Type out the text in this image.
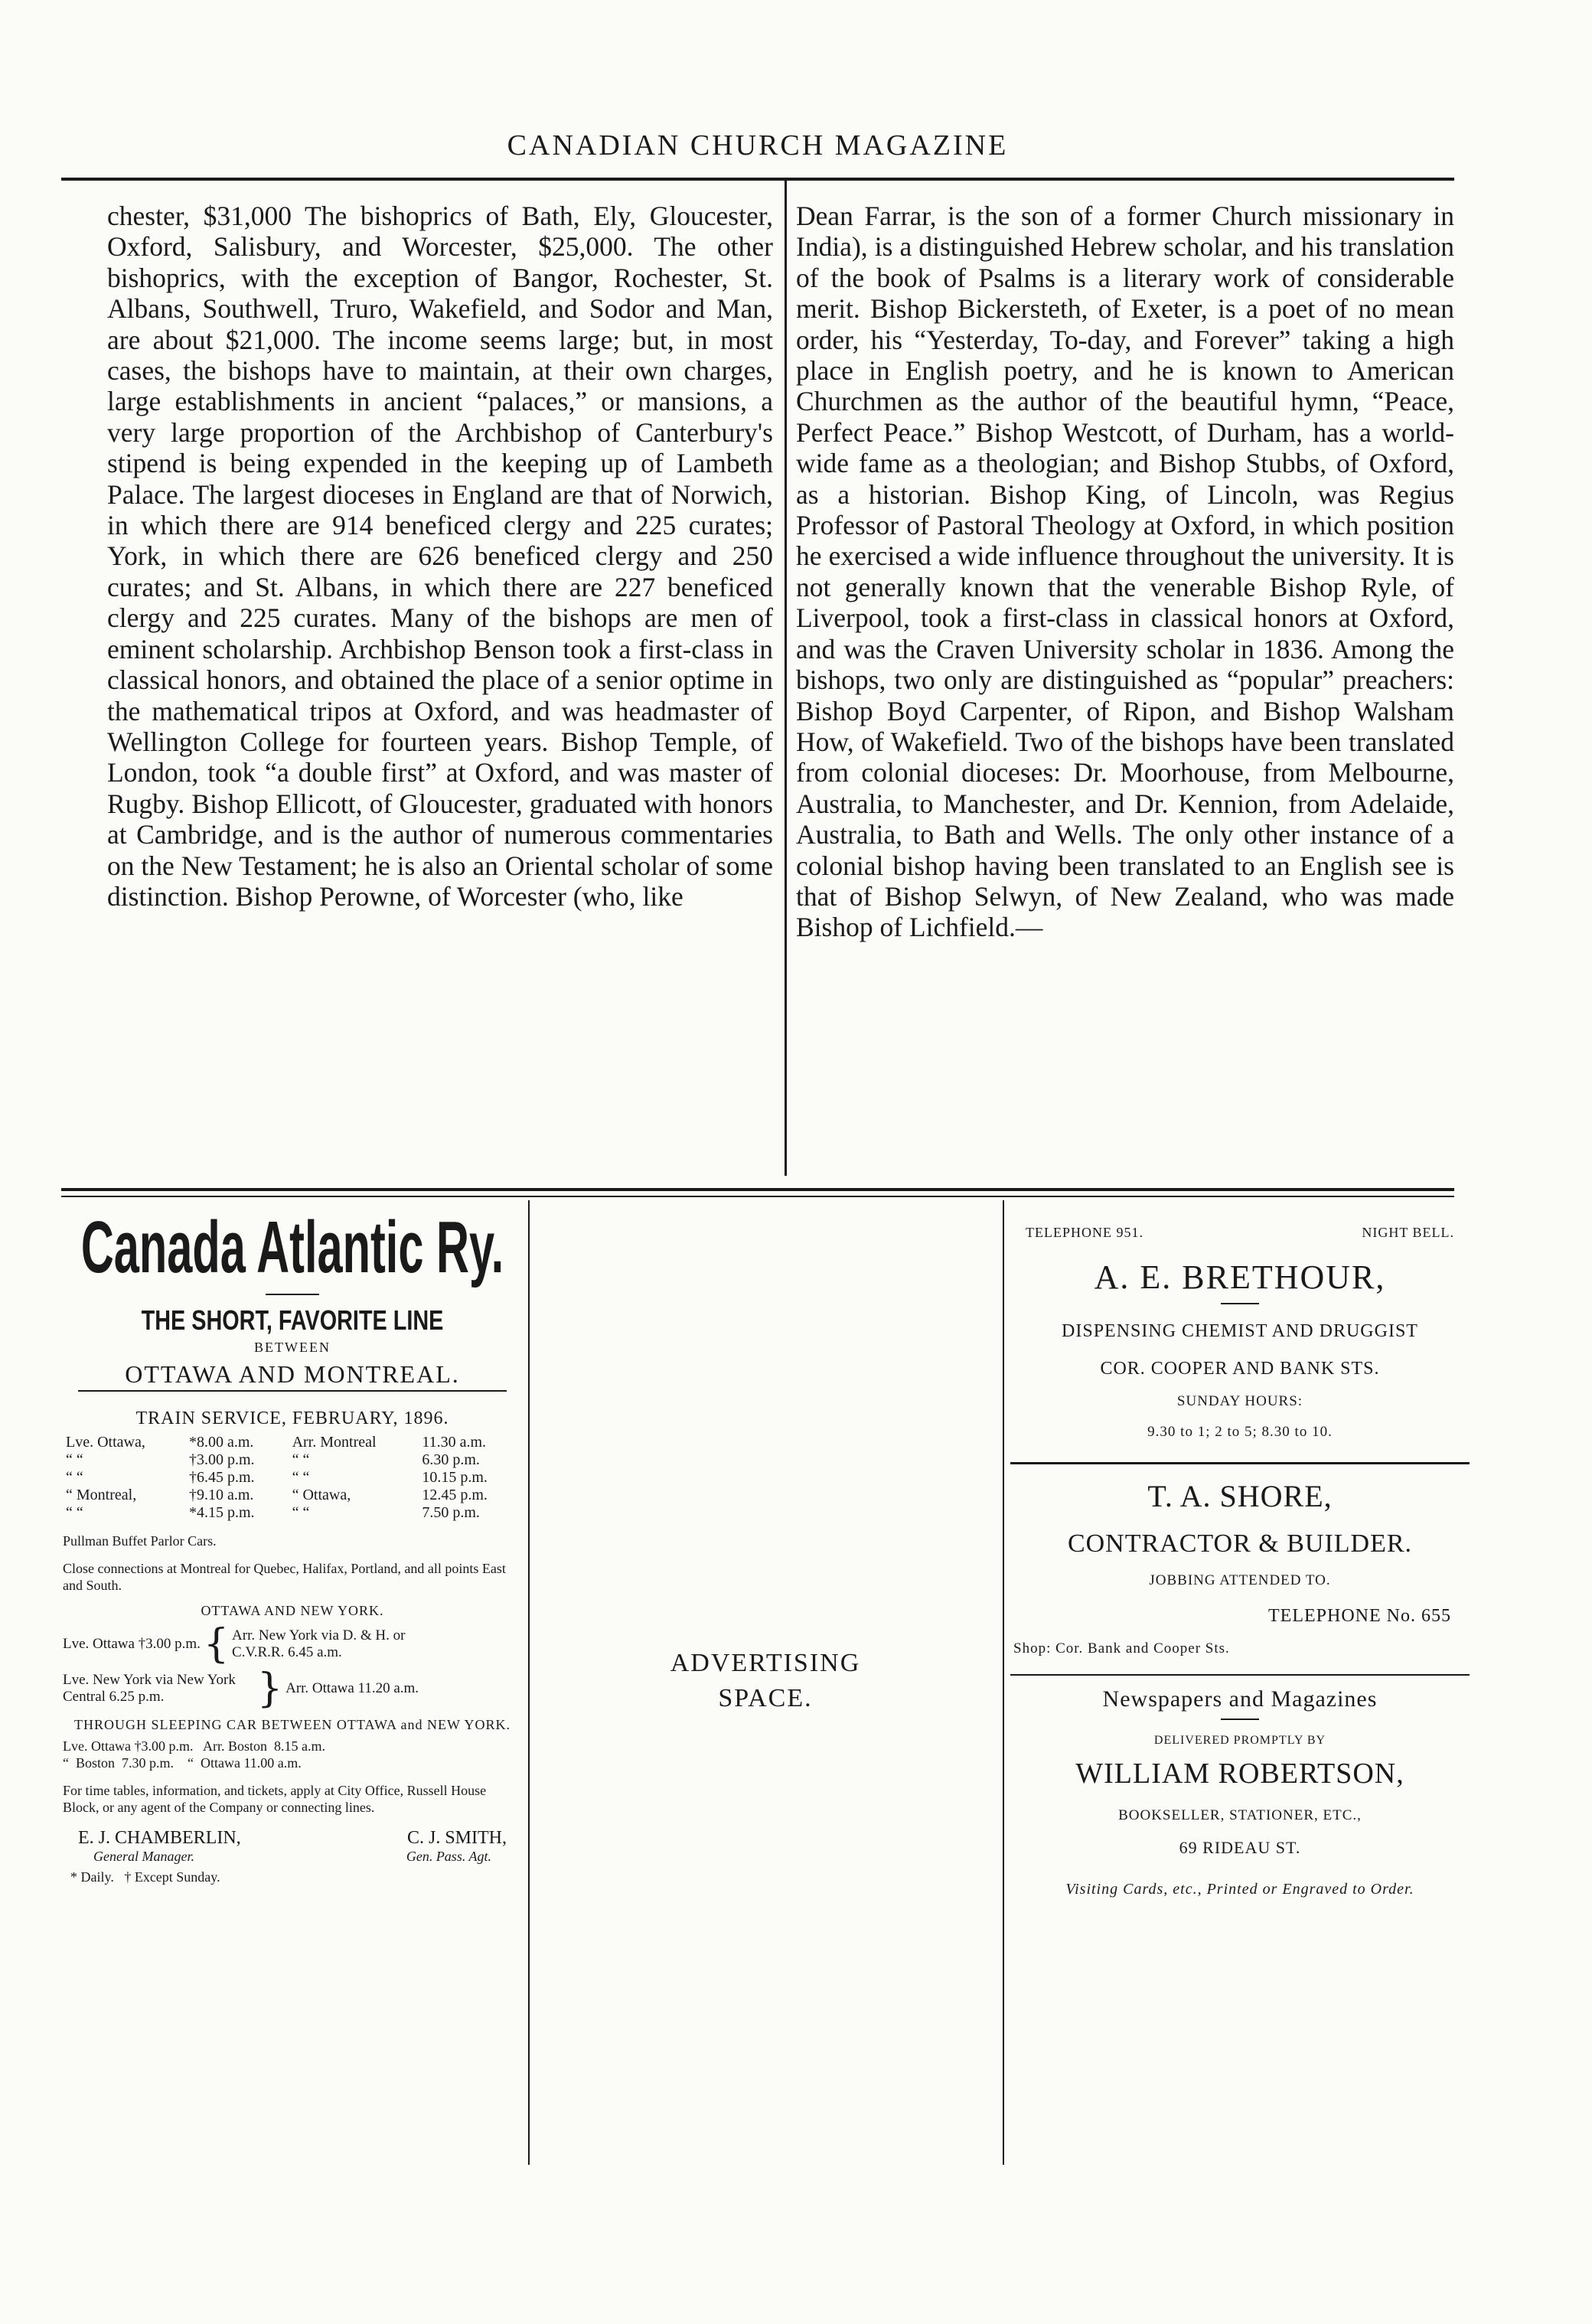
CANADIAN CHURCH MAGAZINE

chester, $31,000 The bishoprics of Bath, Ely, Gloucester, Oxford, Salisbury, and Worcester, $25,000. The other bishoprics, with the exception of Bangor, Rochester, St. Albans, Southwell, Truro, Wakefield, and Sodor and Man, are about $21,000. The income seems large; but, in most cases, the bishops have to maintain, at their own charges, large establishments in ancient “palaces,” or mansions, a very large proportion of the Archbishop of Canterbury's stipend is being expended in the keeping up of Lambeth Palace. The largest dioceses in England are that of Norwich, in which there are 914 beneficed clergy and 225 curates; York, in which there are 626 beneficed clergy and 250 curates; and St. Albans, in which there are 227 beneficed clergy and 225 curates. Many of the bishops are men of eminent scholarship. Archbishop Benson took a first-class in classical honors, and obtained the place of a senior optime in the mathematical tripos at Oxford, and was headmaster of Wellington College for fourteen years. Bishop Temple, of London, took “a double first” at Oxford, and was master of Rugby. Bishop Ellicott, of Gloucester, graduated with honors at Cambridge, and is the author of numerous commentaries on the New Testament; he is also an Oriental scholar of some distinction. Bishop Perowne, of Worcester (who, like

Dean Farrar, is the son of a former Church missionary in India), is a distinguished Hebrew scholar, and his translation of the book of Psalms is a literary work of considerable merit. Bishop Bickersteth, of Exeter, is a poet of no mean order, his “Yesterday, To-day, and Forever” taking a high place in English poetry, and he is known to American Churchmen as the author of the beautiful hymn, “Peace, Perfect Peace.” Bishop Westcott, of Durham, has a world-wide fame as a theologian; and Bishop Stubbs, of Oxford, as a historian. Bishop King, of Lincoln, was Regius Professor of Pastoral Theology at Oxford, in which position he exercised a wide influence throughout the university. It is not generally known that the venerable Bishop Ryle, of Liverpool, took a first-class in classical honors at Oxford, and was the Craven University scholar in 1836. Among the bishops, two only are distinguished as “popular” preachers: Bishop Boyd Carpenter, of Ripon, and Bishop Walsham How, of Wakefield. Two of the bishops have been translated from colonial dioceses: Dr. Moorhouse, from Melbourne, Australia, to Manchester, and Dr. Kennion, from Adelaide, Australia, to Bath and Wells. The only other instance of a colonial bishop having been translated to an English see is that of Bishop Selwyn, of New Zealand, who was made Bishop of Lichfield.—

Canada Atlantic Ry.
THE SHORT, FAVORITE LINE
BETWEEN
OTTAWA AND MONTREAL.
TRAIN SERVICE, FEBRUARY, 1896.
Lve. Ottawa,	*8.00 a.m.	Arr. Montreal	11.30 a.m.
“ “	†3.00 p.m.	“ “	6.30 p.m.
“ “	†6.45 p.m.	“ “	10.15 p.m.
“ Montreal,	†9.10 a.m.	“ Ottawa,	12.45 p.m.
“ “	*4.15 p.m.	“ “	7.50 p.m.
Pullman Buffet Parlor Cars.
Close connections at Montreal for Quebec, Halifax, Portland, and all points East and South.
OTTAWA AND NEW YORK.
Lve. Ottawa †3.00 p.m. { Arr. New York via D. & H. or C.V.R.R. 6.45 a.m.
Lve. New York via New York Central 6.25 p.m.	} Arr. Ottawa 11.20 a.m.
THROUGH SLEEPING CAR BETWEEN OTTAWA and NEW YORK.
Lve. Ottawa †3.00 p.m.   Arr. Boston  8.15 a.m.
“  Boston  7.30 p.m.    “  Ottawa 11.00 a.m.
For time tables, information, and tickets, apply at City Office, Russell House Block, or any agent of the Company or connecting lines.
E. J. CHAMBERLIN,	C. J. SMITH,
General Manager.	Gen. Pass. Agt.
* Daily.   † Except Sunday.
ADVERTISING
SPACE.
TELEPHONE 951.	NIGHT BELL.
A. E. BRETHOUR,
DISPENSING CHEMIST AND DRUGGIST
COR. COOPER AND BANK STS.
SUNDAY HOURS:
9.30 to 1; 2 to 5; 8.30 to 10.
T. A. SHORE,
CONTRACTOR & BUILDER.
JOBBING ATTENDED TO.
TELEPHONE No. 655
Shop: Cor. Bank and Cooper Sts.
Newspapers and Magazines
DELIVERED PROMPTLY BY
WILLIAM ROBERTSON,
BOOKSELLER, STATIONER, ETC.,
69 RIDEAU ST.
Visiting Cards, etc., Printed or Engraved to Order.
